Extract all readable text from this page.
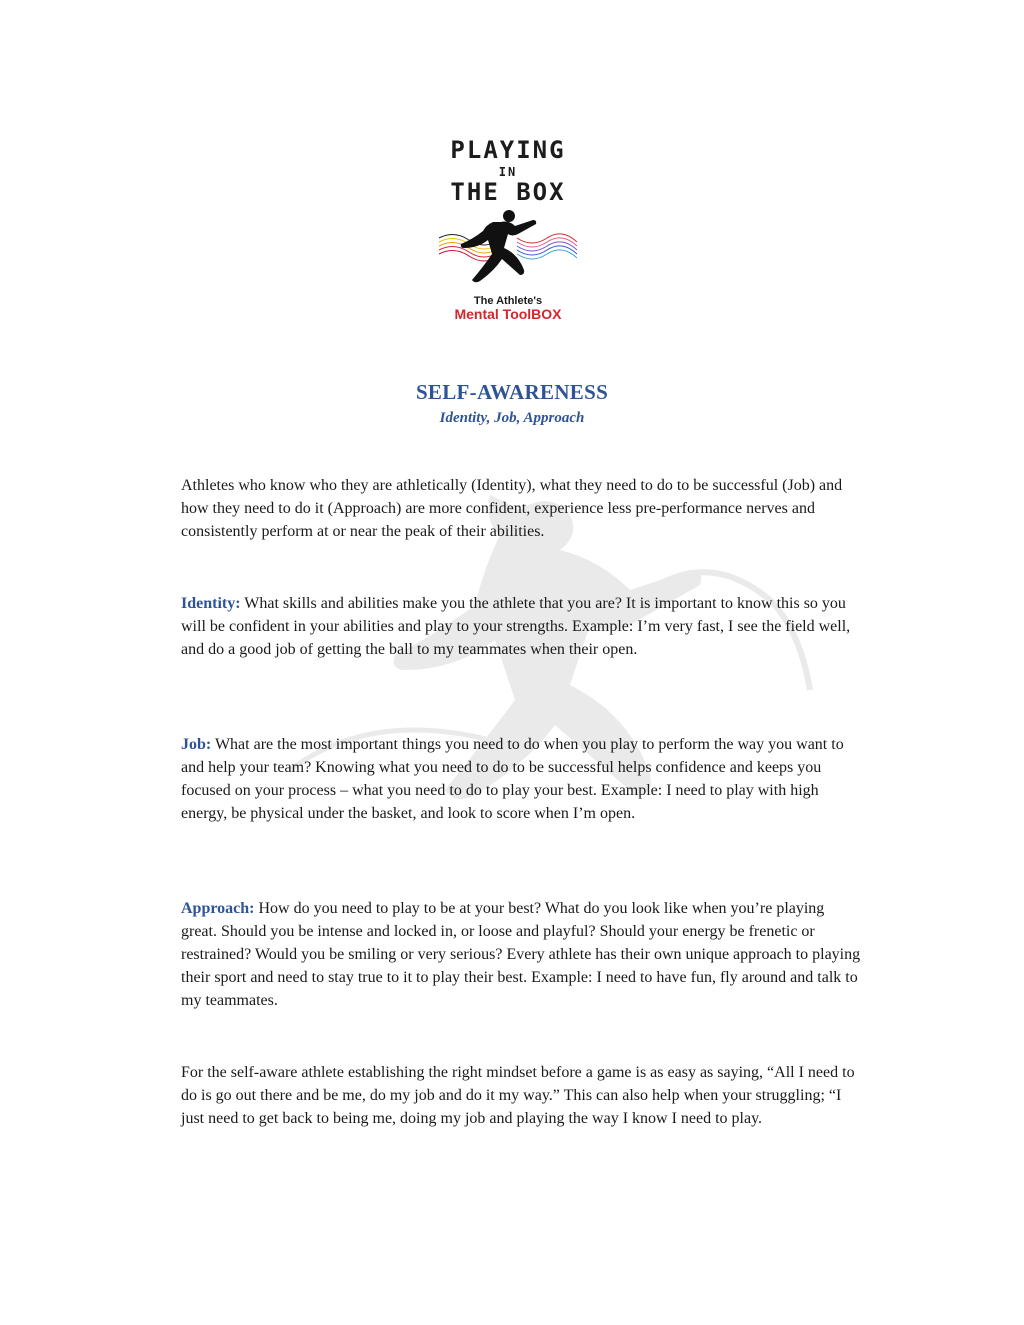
PLAYING
IN
THE BOX
The Athlete's
Mental ToolBOX
SELF-AWARENESS
Identity, Job, Approach

Athletes who know who they are athletically (Identity), what they need to do to be successful (Job) and how they need to do it (Approach) are more confident, experience less pre-performance nerves and consistently perform at or near the peak of their abilities.

Identity: What skills and abilities make you the athlete that you are? It is important to know this so you will be confident in your abilities and play to your strengths. Example: I’m very fast, I see the field well, and do a good job of getting the ball to my teammates when their open.

Job: What are the most important things you need to do when you play to perform the way you want to and help your team? Knowing what you need to do to be successful helps confidence and keeps you focused on your process – what you need to do to play your best. Example: I need to play with high energy, be physical under the basket, and look to score when I’m open.

Approach: How do you need to play to be at your best? What do you look like when you’re playing great. Should you be intense and locked in, or loose and playful? Should your energy be frenetic or restrained? Would you be smiling or very serious? Every athlete has their own unique approach to playing their sport and need to stay true to it to play their best. Example: I need to have fun, fly around and talk to my teammates.

For the self-aware athlete establishing the right mindset before a game is as easy as saying, “All I need to do is go out there and be me, do my job and do it my way.” This can also help when your struggling; “I just need to get back to being me, doing my job and playing the way I know I need to play.
